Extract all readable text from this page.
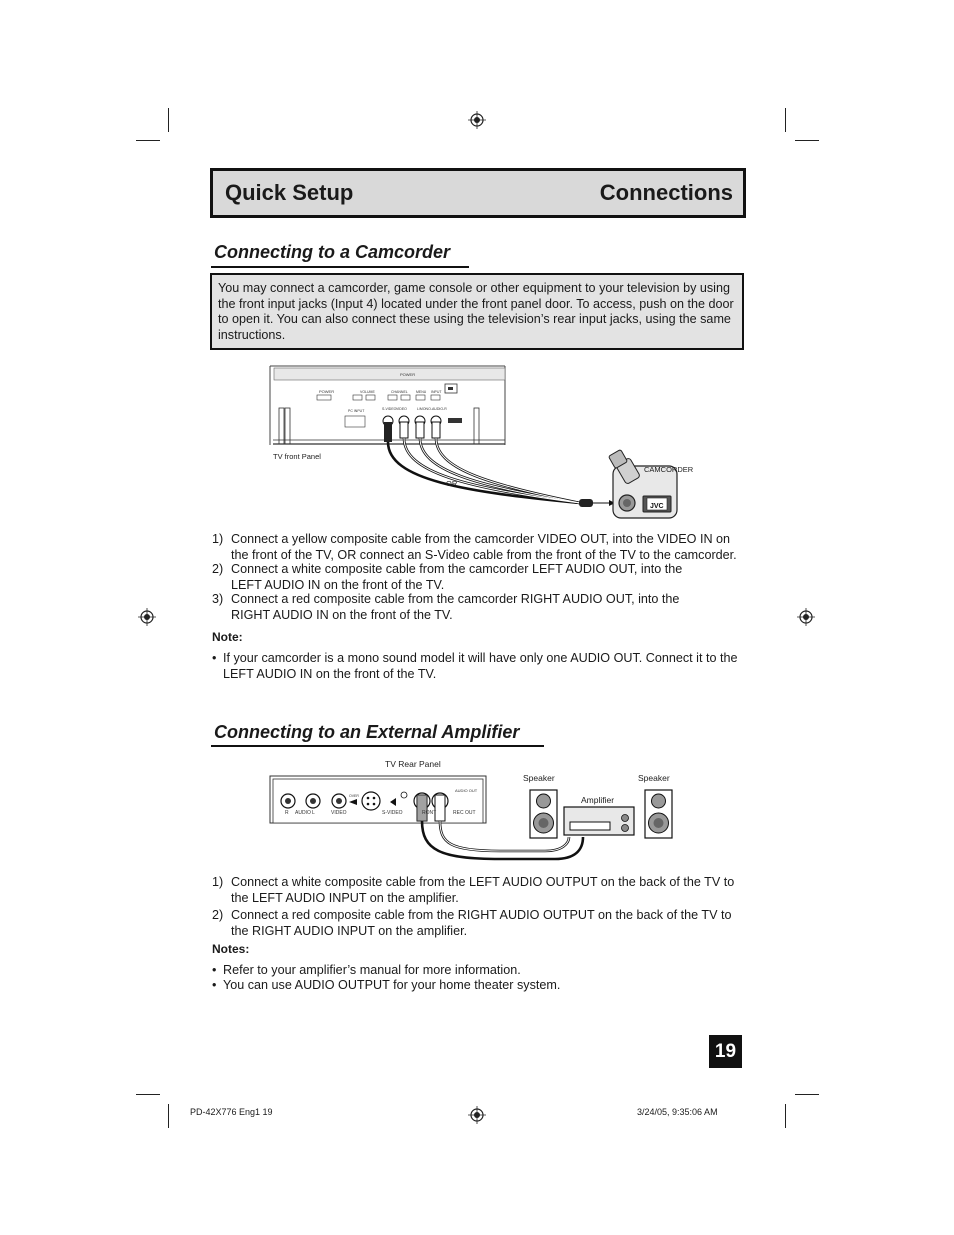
Quick Setup	Connections
Connecting to a Camcorder
You may connect a camcorder, game console or other equipment to your television by using the front input jacks (Input 4) located under the front panel door. To access, push on the door to open it. You can also connect these using the television’s rear input jacks, using the same instructions.
POWER
POWER	VOLUME	CHANNEL MENU INPUT
PC INPUT	S-VIDEO VIDEO	L/MONO-AUDIO-R
TV front Panel
OR
JVC
CAMCORDER
1) Connect a yellow composite cable from the camcorder VIDEO OUT, into the VIDEO IN on the front of the TV, OR connect an S-Video cable from the front of the TV to the camcorder.
2) Connect a white composite cable from the camcorder LEFT AUDIO OUT, into the LEFT AUDIO IN on the front of the TV.
3) Connect a red composite cable from the camcorder RIGHT AUDIO OUT, into the RIGHT AUDIO IN on the front of the TV.
Note:
• If your camcorder is a mono sound model it will have only one AUDIO OUT. Connect it to the LEFT AUDIO IN on the front of the TV.
Connecting to an External Amplifier
TV Rear Panel
OVER
AUDIO OUT
R AUDIO L	VIDEO	S-VIDEO	RONT	REC OUT
Speaker	Speaker
Amplifier
1) Connect a white composite cable from the LEFT AUDIO OUTPUT on the back of the TV to the LEFT AUDIO INPUT on the amplifier.
2) Connect a red composite cable from the RIGHT AUDIO OUTPUT on the back of the TV to the RIGHT AUDIO INPUT on the amplifier.
Notes:
• Refer to your amplifier’s manual for more information.
• You can use AUDIO OUTPUT for your home theater system.
19
PD-42X776 Eng1 19	3/24/05, 9:35:06 AM
